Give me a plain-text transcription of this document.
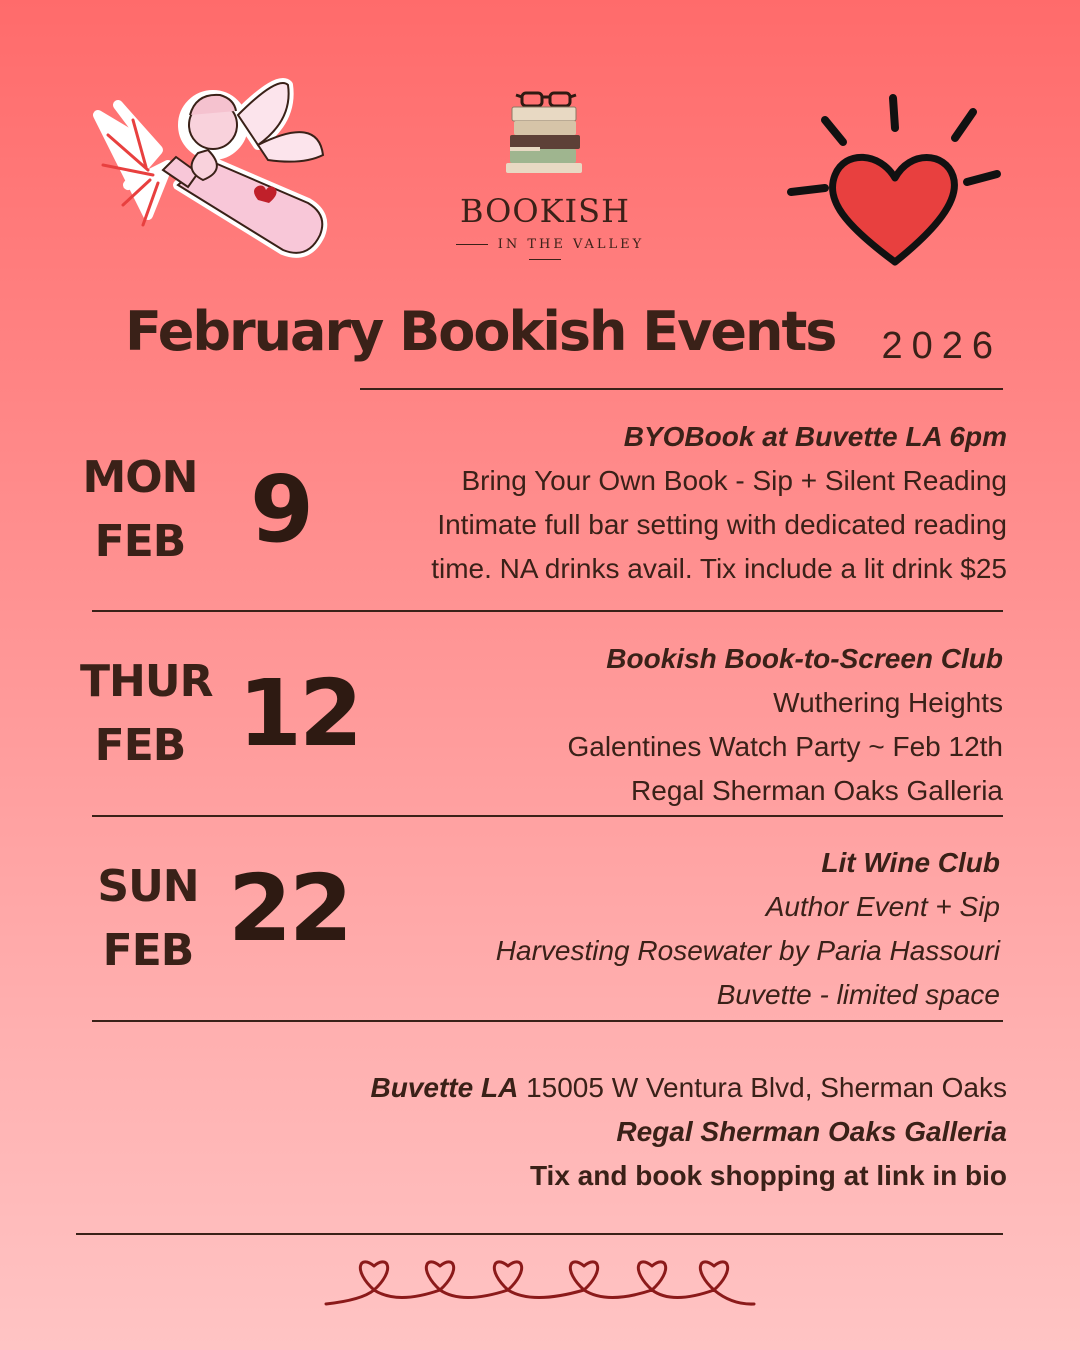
BOOKISH
IN THE VALLEY
February Bookish Events 2026
MON
FEB 9
BYOBook at Buvette LA 6pm
Bring Your Own Book - Sip + Silent Reading
Intimate full bar setting with dedicated reading
time. NA drinks avail. Tix include a lit drink $25
THUR
FEB 12
Bookish Book-to-Screen Club
Wuthering Heights
Galentines Watch Party ~ Feb 12th
Regal Sherman Oaks Galleria
SUN
FEB 22	Lit Wine Club
Author Event + Sip
Harvesting Rosewater by Paria Hassouri
Buvette - limited space
Buvette LA 15005 W Ventura Blvd, Sherman Oaks
Regal Sherman Oaks Galleria
Tix and book shopping at link in bio
